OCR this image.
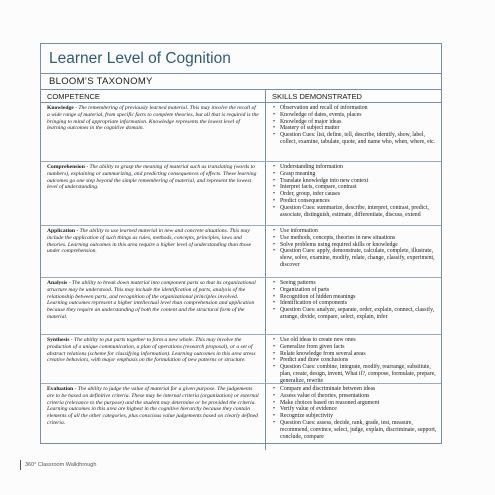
Learner Level of Cognition
BLOOM’S TAXONOMY
COMPETENCE	SKILLS DEMONSTRATED
Knowledge - The remembering of previously learned material. This may involve the recall of a wide range of material, from specific facts to complete theories, but all that is required is the bringing to mind of appropriate information. Knowledge represents the lowest level of learning outcomes in the cognitive domain.
• Observation and recall of information
• Knowledge of dates, events, places
• Knowledge of major ideas
• Mastery of subject matter
• Question Cues: list, define, tell, describe, identify, show, label, collect, examine, tabulate, quote, and name who, when, where, etc.
Comprehension - The ability to grasp the meaning of material such as translating (words to numbers), explaining or summarizing, and predicting consequences of effects. These learning outcomes go one step beyond the simple remembering of material, and represent the lowest level of understanding.
• Understanding information
• Grasp meaning
• Translate knowledge into new context
• Interpret facts, compare, contrast
• Order, group, infer causes
• Predict consequences
• Question Cues: summarize, describe, interpret, contrast, predict, associate, distinguish, estimate, differentiate, discuss, extend
Application - The ability to use learned material in new and concrete situations. This may include the application of such things as rules, methods, concepts, principles, laws and theories. Learning outcomes in this area require a higher level of understanding than those under comprehension.
• Use information
• Use methods, concepts, theories in new situations
• Solve problems using required skills or knowledge
• Question Cues: apply, demonstrate, calculate, complete, illustrate, show, solve, examine, modify, relate, change, classify, experiment, discover
Analysis - The ability to break down material into component parts so that its organizational structure may be understood. This may include the identification of parts, analysis of the relationship between parts, and recognition of the organizational principles involved. Learning outcomes represent a higher intellectual level than comprehension and application because they require an understanding of both the content and the structural form of the material.
• Seeing patterns
• Organization of parts
• Recognition of hidden meanings
• Identification of components
• Question Cues: analyze, separate, order, explain, connect, classify, arrange, divide, compare, select, explain, infer
Synthesis - The ability to put parts together to form a new whole. This may involve the production of a unique communication, a plan of operations (research proposal), or a set of abstract relations (scheme for classifying information). Learning outcomes in this area stress creative behaviors, with major emphasis on the formulation of new patterns or structure.
• Use old ideas to create new ones
• Generalize from given facts
• Relate knowledge from several areas
• Predict and draw conclusions
• Question Cues: combine, integrate, modify, rearrange, substitute, plan, create, design, invent, What if?, compose, formulate, prepare, generalize, rewrite
Evaluation - The ability to judge the value of material for a given purpose. The judgements are to be based on definitive criteria. These may be internal criteria (organization) or external criteria (relevance to the purpose) and the student may determine or be provided the criteria. Learning outcomes in this area are highest in the cognitive hierarchy because they contain elements of all the other categories, plus conscious value judgements based on clearly defined criteria.
• Compare and discriminate between ideas
• Assess value of theories, presentations
• Make choices based on reasoned argument
• Verify value of evidence
• Recognize subjectivity
• Question Cues: assess, decide, rank, grade, test, measure, recommend, convince, select, judge, explain, discriminate, support, conclude, compare
360° Classroom Walkthrough
